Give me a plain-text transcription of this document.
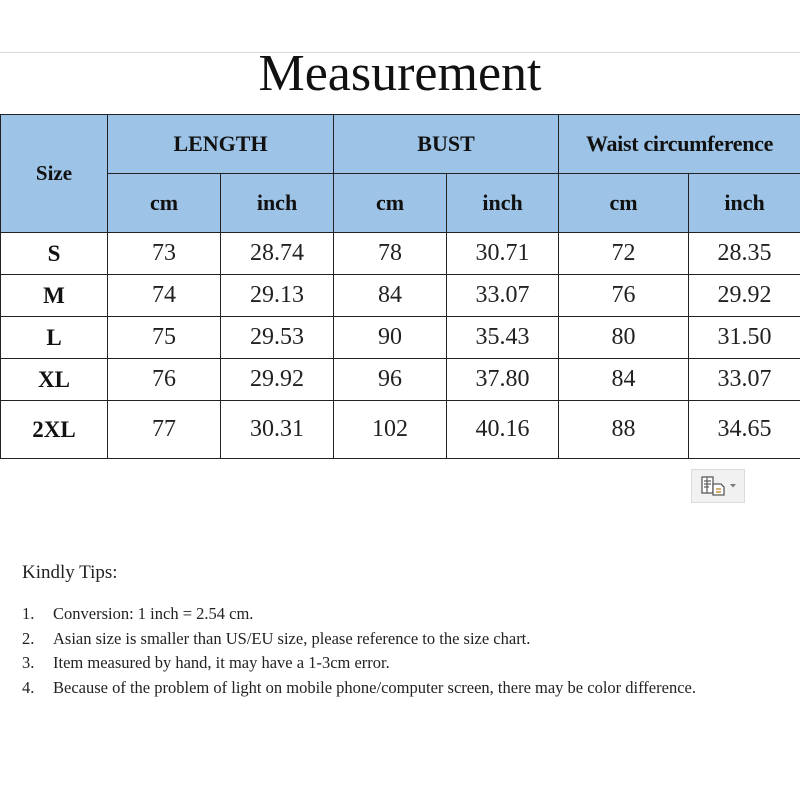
Measurement
Size	LENGTH		BUST		Waist circumference	
	cm	inch	cm	inch	cm	inch
S	73	28.74	78	30.71	72	28.35
M	74	29.13	84	33.07	76	29.92
L	75	29.53	90	35.43	80	31.50
XL	76	29.92	96	37.80	84	33.07
2XL	77	30.31	102	40.16	88	34.65
Kindly Tips:
1.	Conversion: 1 inch = 2.54 cm.
2.	Asian size is smaller than US/EU size, please reference to the size chart.
3.	Item measured by hand, it may have a 1-3cm error.
4.	Because of the problem of light on mobile phone/computer screen, there may be color difference.
